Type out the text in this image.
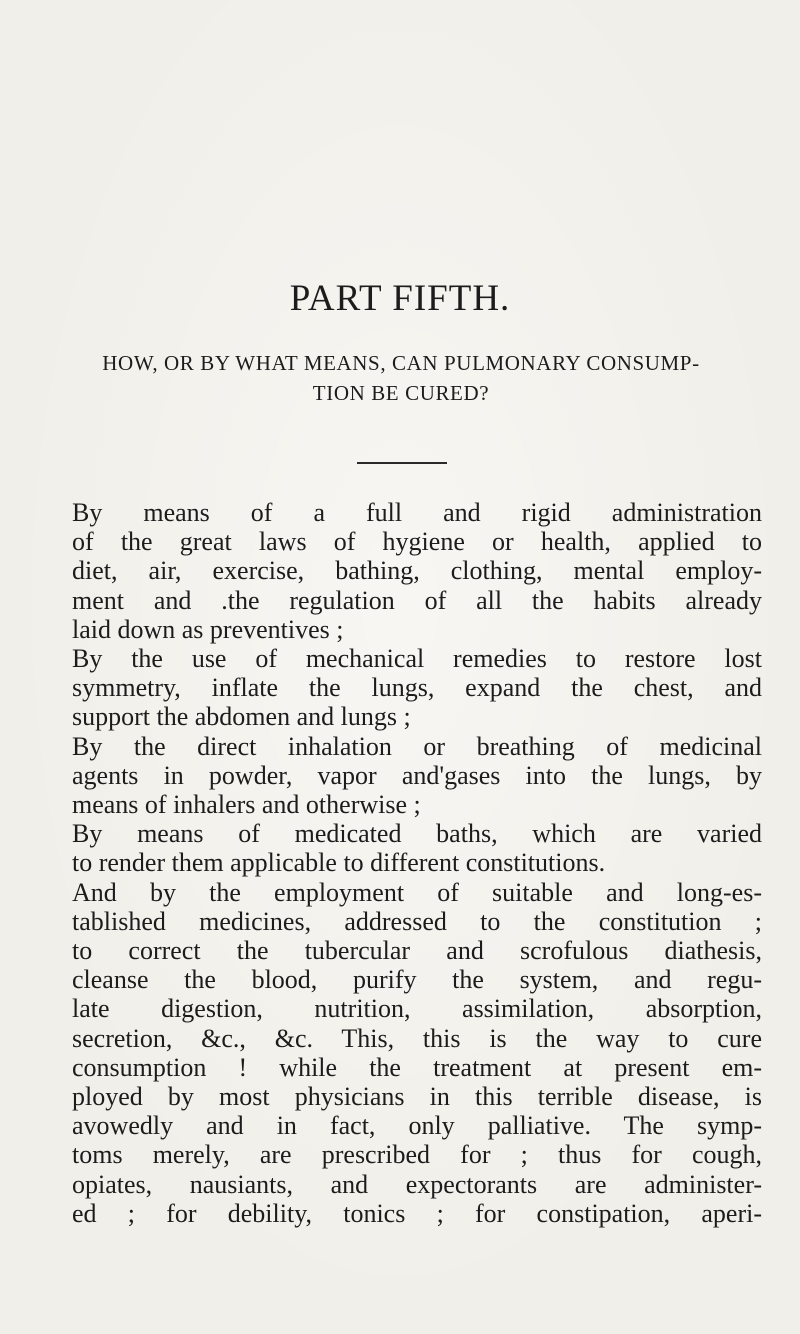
PART FIFTH.
HOW, OR BY WHAT MEANS, CAN PULMONARY CONSUMP-
TION BE CURED?

By means of a full and rigid administration
of the great laws of hygiene or health, applied to
diet, air, exercise, bathing, clothing, mental employ-
ment and .the regulation of all the habits already
laid down as preventives ;

By the use of mechanical remedies to restore lost
symmetry, inflate the lungs, expand the chest, and
support the abdomen and lungs ;

By the direct inhalation or breathing of medicinal
agents in powder, vapor and'gases into the lungs, by
means of inhalers and otherwise ;

By means of medicated baths, which are varied
to render them applicable to different constitutions.

And by the employment of suitable and long-es-
tablished medicines, addressed to the constitution ;
to correct the tubercular and scrofulous diathesis,
cleanse the blood, purify the system, and regu-
late digestion, nutrition, assimilation, absorption,
secretion, &c., &c. This, this is the way to cure
consumption ! while the treatment at present em-
ployed by most physicians in this terrible disease, is
avowedly and in fact, only palliative. The symp-
toms merely, are prescribed for ; thus for cough,
opiates, nausiants, and expectorants are administer-
ed ; for debility, tonics ; for constipation, aperi-
